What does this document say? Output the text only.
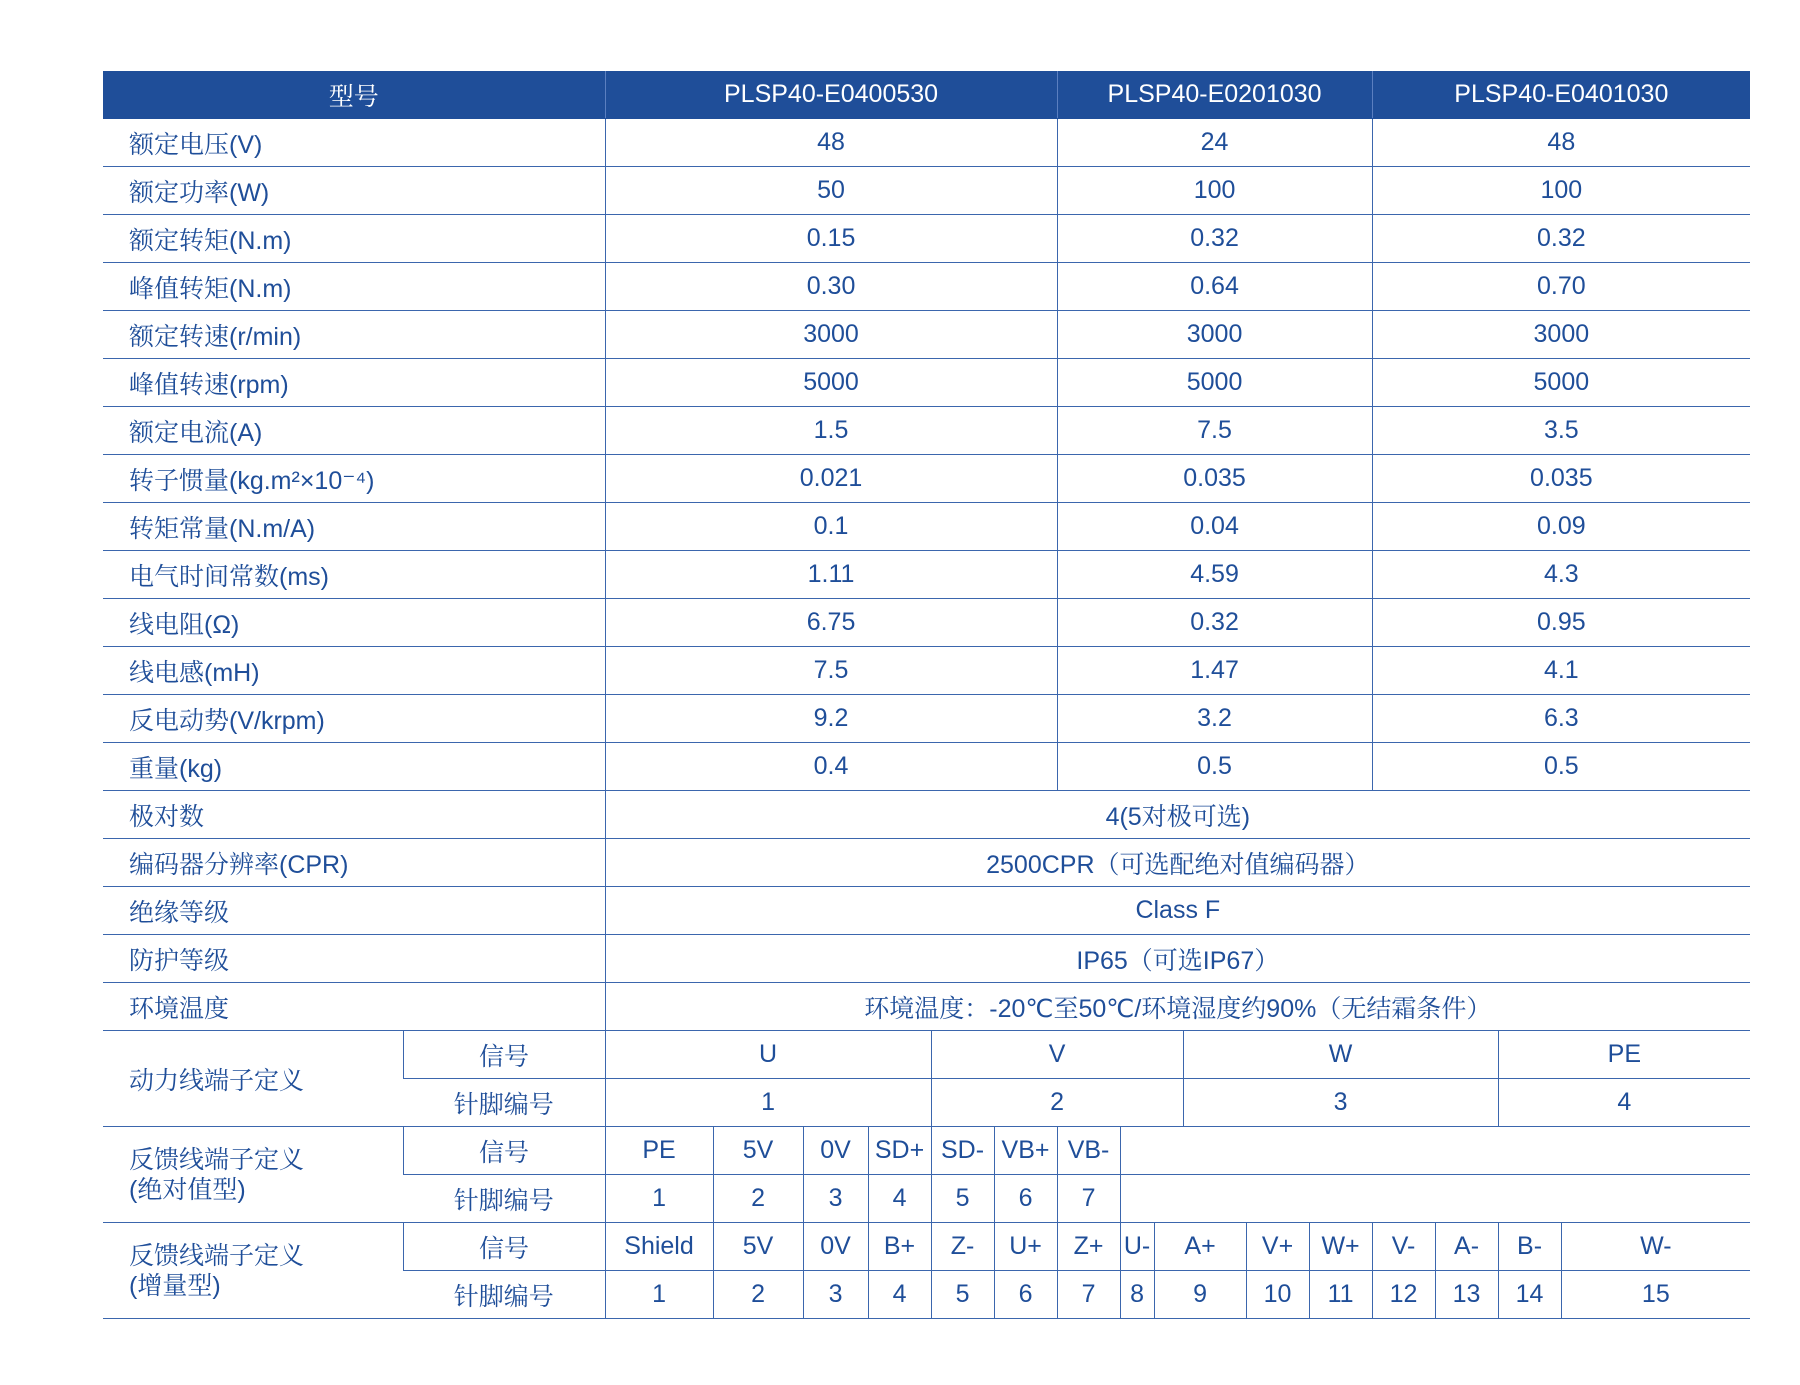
型号		PLSP40-E0400530						PLSP40-E0201030						PLSP40-E0401030			
额定电压(V)		48						24						48			
额定功率(W)		50						100						100			
额定转矩(N.m)		0.15						0.32						0.32			
峰值转矩(N.m)		0.30						0.64						0.70			
额定转速(r/min)		3000						3000						3000			
峰值转速(rpm)		5000						5000						5000			
额定电流(A)		1.5						7.5						3.5			
转子惯量(kg.m²×10⁻⁴)		0.021						0.035						0.035			
转矩常量(N.m/A)		0.1						0.04						0.09			
电气时间常数(ms)		1.11						4.59						4.3			
线电阻(Ω)		6.75						0.32						0.95			
线电感(mH)		7.5						1.47						4.1			
反电动势(V/krpm)		9.2						3.2						6.3			
重量(kg)		0.4						0.5						0.5			
极对数		4(5对极可选)															
编码器分辨率(CPR)		2500CPR（可选配绝对值编码器）															
绝缘等级		Class F															
防护等级		IP65（可选IP67）															
环境温度		环境温度：-20℃至50℃/环境湿度约90%（无结霜条件）															
动力线端子定义	信号	U				V					W					PE	
	针脚编号	1				2					3					4	

反馈线端子定义
(绝对值型)	信号	PE	5V	0V	SD+	SD-	VB+	VB-									
	针脚编号	1	2	3	4	5	6	7									

反馈线端子定义
(增量型)	信号	Shield	5V	0V	B+	Z-	U+	Z+	U-	A+		V+	W+	V-	A-	B-	W-
	针脚编号	1	2	3	4	5	6	7	8	9		10	11	12	13	14	15
